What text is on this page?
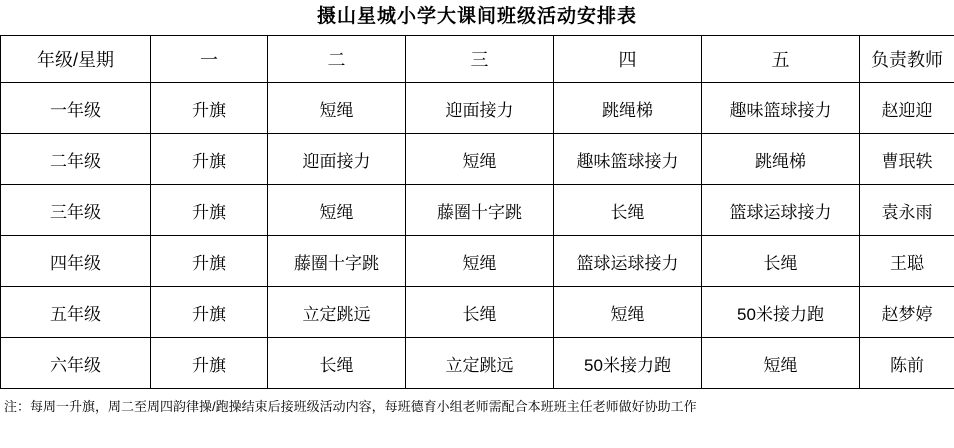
摄山星城小学大课间班级活动安排表
年级/星期	一	二	三	四	五	负责教师
一年级	升旗	短绳	迎面接力	跳绳梯	趣味篮球接力	赵迎迎
二年级	升旗	迎面接力	短绳	趣味篮球接力	跳绳梯	曹珉轶
三年级	升旗	短绳	藤圈十字跳	长绳	篮球运球接力	袁永雨
四年级	升旗	藤圈十字跳	短绳	篮球运球接力	长绳	王聪
五年级	升旗	立定跳远	长绳	短绳	50米接力跑	赵梦婷
六年级	升旗	长绳	立定跳远	50米接力跑	短绳	陈前
注：每周一升旗，周二至周四韵律操/跑操结束后接班级活动内容，每班德育小组老师需配合本班班主任老师做好协助工作
